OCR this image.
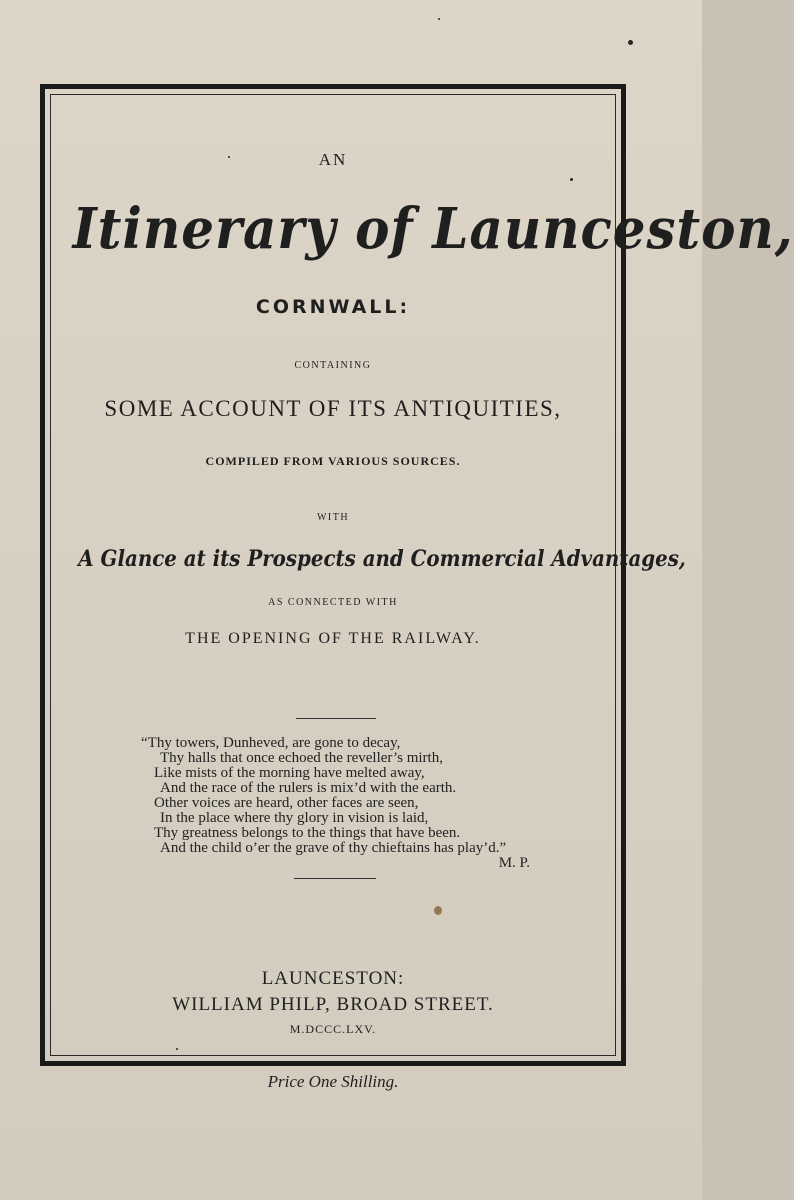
AN
Itinerary of Launceston,
CORNWALL:
CONTAINING
SOME ACCOUNT OF ITS ANTIQUITIES,
COMPILED FROM VARIOUS SOURCES.
WITH
A Glance at its Prospects and Commercial Advantages,
AS CONNECTED WITH
THE OPENING OF THE RAILWAY.
“Thy towers, Dunheved, are gone to decay,
Thy halls that once echoed the reveller’s mirth,
Like mists of the morning have melted away,
And the race of the rulers is mix’d with the earth.
Other voices are heard, other faces are seen,
In the place where thy glory in vision is laid,
Thy greatness belongs to the things that have been.
And the child o’er the grave of thy chieftains has play’d.”
M. P.
LAUNCESTON:
WILLIAM PHILP, BROAD STREET.
M.DCCC.LXV.
Price One Shilling.
